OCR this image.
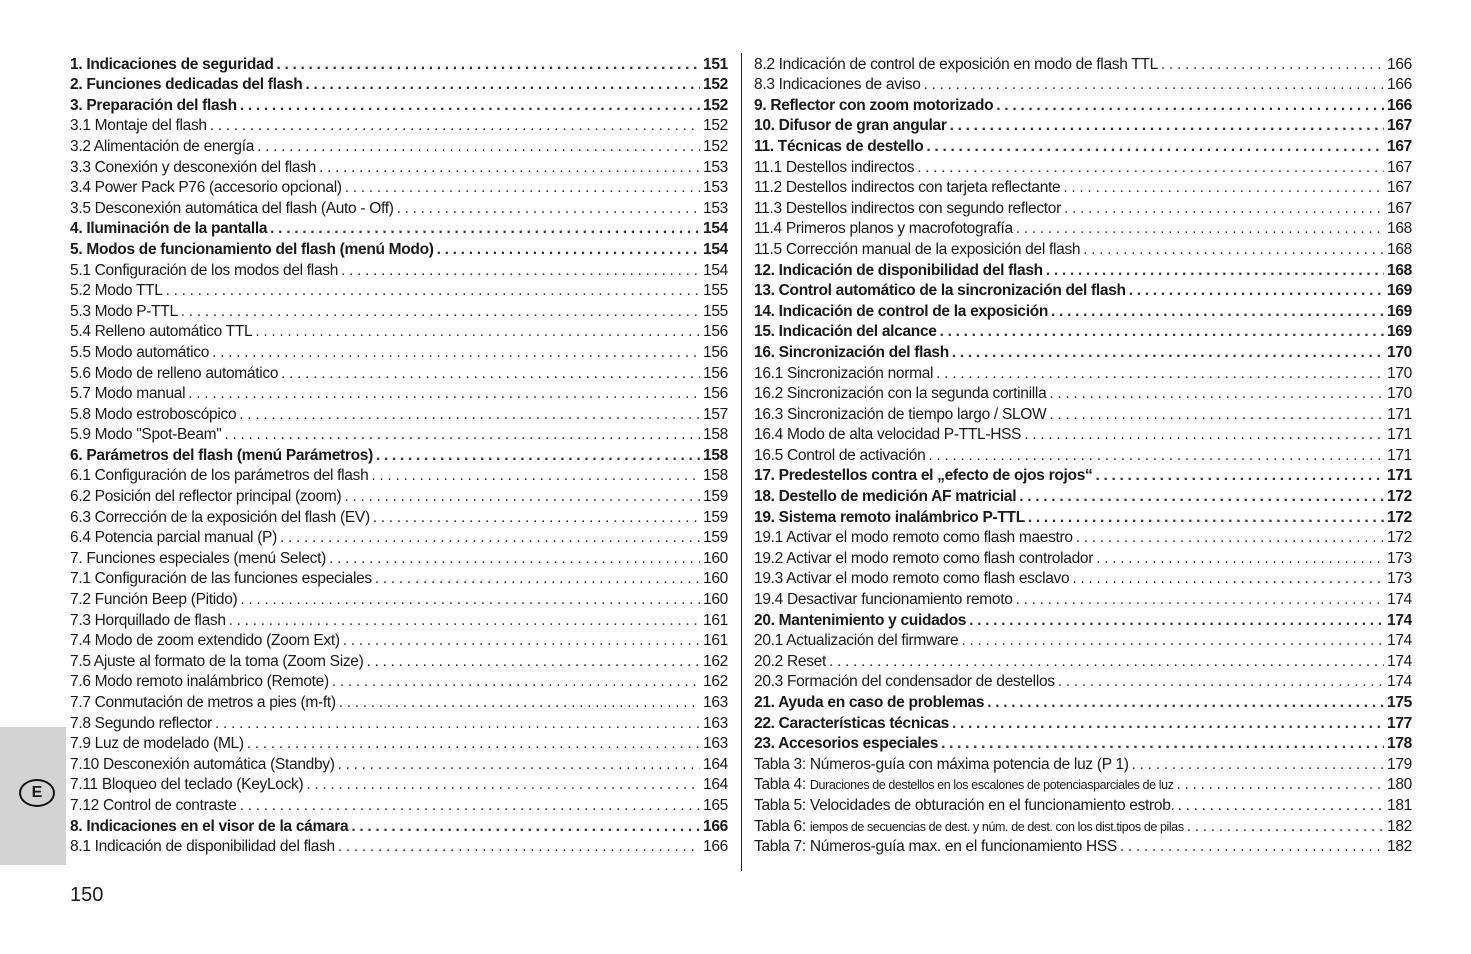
E
1. Indicaciones de seguridad . . .	151
2. Funciones dedicadas del flash . . .	152
3. Preparación del flash . . .	152
3.1 Montaje del flash . . .	152
3.2 Alimentación de energía . . .	152
3.3 Conexión y desconexión del flash . . .	153
3.4 Power Pack P76 (accesorio opcional) . . .	153
3.5 Desconexión automática del flash (Auto - Off) . . .	153
4. Iluminación de la pantalla . . .	154
5. Modos de funcionamiento del flash (menú Modo) . . .	154
5.1 Configuración de los modos del flash . . .	154
5.2 Modo TTL . . .	155
5.3 Modo P-TTL . . .	155
5.4 Relleno automático TTL . . .	156
5.5 Modo automático . . .	156
5.6 Modo de relleno automático . . .	156
5.7 Modo manual . . .	156
5.8 Modo estroboscópico . . .	157
5.9 Modo "Spot-Beam" . . .	158
6. Parámetros del flash (menú Parámetros) . . .	158
6.1 Configuración de los parámetros del flash . . .	158
6.2 Posición del reflector principal (zoom) . . .	159
6.3 Corrección de la exposición del flash (EV) . . .	159
6.4 Potencia parcial manual (P) . . .	159
7. Funciones especiales (menú Select) . . .	160
7.1 Configuración de las funciones especiales . . .	160
7.2 Función Beep (Pitido) . . .	160
7.3 Horquillado de flash . . .	161
7.4 Modo de zoom extendido (Zoom Ext) . . .	161
7.5 Ajuste al formato de la toma (Zoom Size) . . .	162
7.6 Modo remoto inalámbrico (Remote) . . .	162
7.7 Conmutación de metros a pies (m-ft) . . .	163
7.8 Segundo reflector . . .	163
7.9 Luz de modelado (ML) . . .	163
7.10 Desconexión automática (Standby) . . .	164
7.11 Bloqueo del teclado (KeyLock) . . .	164
7.12 Control de contraste . . .	165
8. Indicaciones en el visor de la cámara . . .	166
8.1 Indicación de disponibilidad del flash . . .	166
8.2 Indicación de control de exposición en modo de flash TTL . . .	166
8.3 Indicaciones de aviso . . .	166
9. Reflector con zoom motorizado . . .	166
10. Difusor de gran angular . . .	167
11. Técnicas de destello . . .	167
11.1 Destellos indirectos . . .	167
11.2 Destellos indirectos con tarjeta reflectante . . .	167
11.3 Destellos indirectos con segundo reflector . . .	167
11.4 Primeros planos y macrofotografía . . .	168
11.5 Corrección manual de la exposición del flash . . .	168
12. Indicación de disponibilidad del flash . . .	168
13. Control automático de la sincronización del flash . . .	169
14. Indicación de control de la exposición . . .	169
15. Indicación del alcance . . .	169
16. Sincronización del flash . . .	170
16.1 Sincronización normal . . .	170
16.2 Sincronización con la segunda cortinilla . . .	170
16.3 Sincronización de tiempo largo / SLOW . . .	171
16.4 Modo de alta velocidad P-TTL-HSS . . .	171
16.5 Control de activación . . .	171
17. Predestellos contra el „efecto de ojos rojos“ . . .	171
18. Destello de medición AF matricial . . .	172
19. Sistema remoto inalámbrico P-TTL . . .	172
19.1 Activar el modo remoto como flash maestro . . .	172
19.2 Activar el modo remoto como flash controlador . . .	173
19.3 Activar el modo remoto como flash esclavo . . .	173
19.4 Desactivar funcionamiento remoto . . .	174
20. Mantenimiento y cuidados . . .	174
20.1 Actualización del firmware . . .	174
20.2 Reset . . .	174
20.3 Formación del condensador de destellos . . .	174
21. Ayuda en caso de problemas . . .	175
22. Características técnicas . . .	177
23. Accesorios especiales . . .	178
Tabla 3: Números-guía con máxima potencia de luz (P 1) . . .	179
Tabla 4: Duraciones de destellos en los escalones de potenciasparciales de luz . . .	180
Tabla 5: Velocidades de obturación en el funcionamiento estrob. . . .	181
Tabla 6: iempos de secuencias de dest. y núm. de dest. con los dist.tipos de pilas . . .	182
Tabla 7: Números-guía max. en el funcionamiento HSS . . .	182
150
